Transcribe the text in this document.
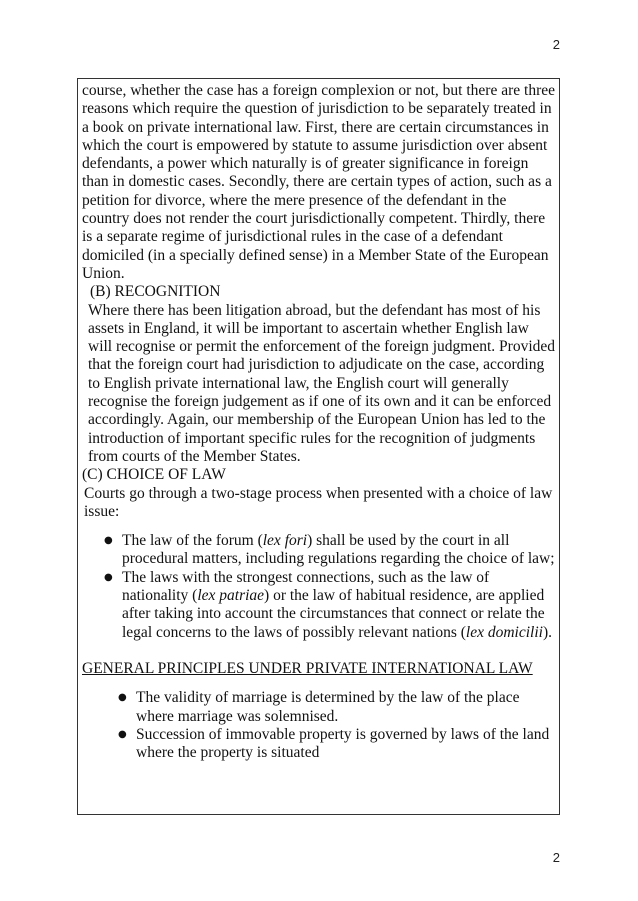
2

course, whether the case has a foreign complexion or not, but there are three reasons which require the question of jurisdiction to be separately treated in a book on private international law. First, there are certain circumstances in which the court is empowered by statute to assume jurisdiction over absent defendants, a power which naturally is of greater significance in foreign than in domestic cases. Secondly, there are certain types of action, such as a petition for divorce, where the mere presence of the defendant in the country does not render the court jurisdictionally competent. Thirdly, there is a separate regime of jurisdictional rules in the case of a defendant domiciled (in a specially defined sense) in a Member State of the European Union.

(B) RECOGNITION

Where there has been litigation abroad, but the defendant has most of his assets in England, it will be important to ascertain whether English law will recognise or permit the enforcement of the foreign judgment. Provided that the foreign court had jurisdiction to adjudicate on the case, according to English private international law, the English court will generally recognise the foreign judgement as if one of its own and it can be enforced accordingly. Again, our membership of the European Union has led to the introduction of important specific rules for the recognition of judgments from courts of the Member States.

(C) CHOICE OF LAW

Courts go through a two-stage process when presented with a choice of law issue:

● The law of the forum (lex fori) shall be used by the court in all procedural matters, including regulations regarding the choice of law;
● The laws with the strongest connections, such as the law of nationality (lex patriae) or the law of habitual residence, are applied after taking into account the circumstances that connect or relate the legal concerns to the laws of possibly relevant nations (lex domicilii).

GENERAL PRINCIPLES UNDER PRIVATE INTERNATIONAL LAW

● The validity of marriage is determined by the law of the place where marriage was solemnised.
● Succession of immovable property is governed by laws of the land where the property is situated
2
